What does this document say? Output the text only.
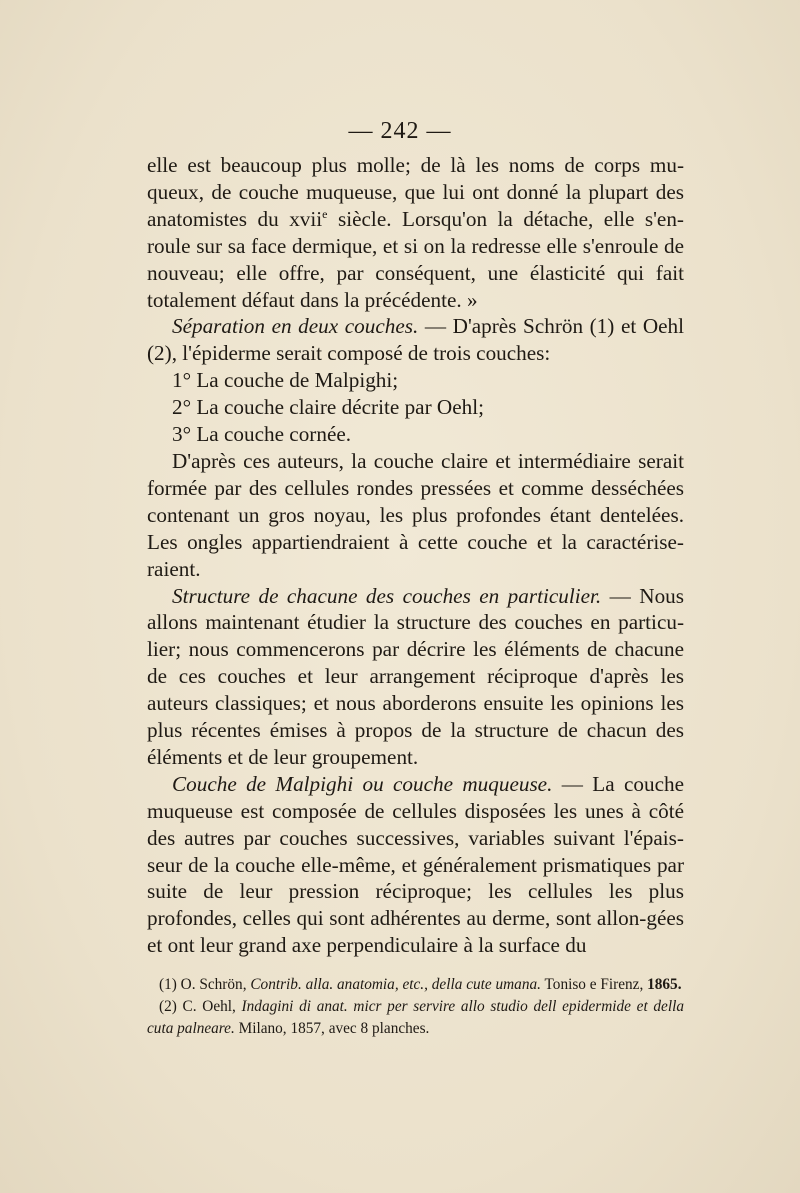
— 242 —

elle est beaucoup plus molle; de là les noms de corps mu-queux, de couche muqueuse, que lui ont donné la plupart des anatomistes du xvii$^e$ siècle. Lorsqu'on la détache, elle s'en-roule sur sa face dermique, et si on la redresse elle s'enroule de nouveau; elle offre, par conséquent, une élasticité qui fait totalement défaut dans la précédente. »

Séparation en deux couches. — D'après Schrön (1) et Oehl (2), l'épiderme serait composé de trois couches:

1° La couche de Malpighi;

2° La couche claire décrite par Oehl;

3° La couche cornée.

D'après ces auteurs, la couche claire et intermédiaire serait formée par des cellules rondes pressées et comme desséchées contenant un gros noyau, les plus profondes étant dentelées. Les ongles appartiendraient à cette couche et la caractérise-raient.

Structure de chacune des couches en particulier. — Nous allons maintenant étudier la structure des couches en particu-lier; nous commencerons par décrire les éléments de chacune de ces couches et leur arrangement réciproque d'après les auteurs classiques; et nous aborderons ensuite les opinions les plus récentes émises à propos de la structure de chacun des éléments et de leur groupement.

Couche de Malpighi ou couche muqueuse. — La couche muqueuse est composée de cellules disposées les unes à côté des autres par couches successives, variables suivant l'épais-seur de la couche elle-même, et généralement prismatiques par suite de leur pression réciproque; les cellules les plus profondes, celles qui sont adhérentes au derme, sont allon-gées et ont leur grand axe perpendiculaire à la surface du

(1) O. Schrön, Contrib. alla. anatomia, etc., della cute umana. Toniso e Firenz, 1865.

(2) C. Oehl, Indagini di anat. micr per servire allo studio dell epidermide et della cuta palneare. Milano, 1857, avec 8 planches.
